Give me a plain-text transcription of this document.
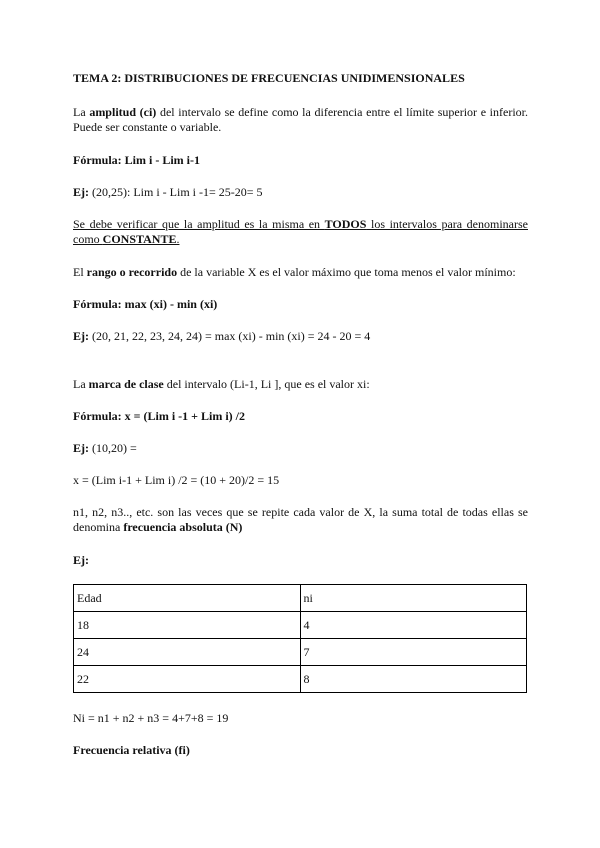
TEMA 2: DISTRIBUCIONES DE FRECUENCIAS UNIDIMENSIONALES
La amplitud (ci) del intervalo se define como la diferencia entre el límite superior e inferior.
Puede ser constante o variable.
Fórmula: Lim i - Lim i-1
Ej: (20,25): Lim i - Lim i -1= 25-20= 5
Se debe verificar que la amplitud es la misma en TODOS los intervalos para denominarse
como CONSTANTE.
El rango o recorrido de la variable X es el valor máximo que toma menos el valor mínimo:
Fórmula: max (xi) - min (xi)
Ej: (20, 21, 22, 23, 24, 24) = max (xi) - min (xi) = 24 - 20 = 4
La marca de clase del intervalo (Li-1, Li ], que es el valor xi:
Fórmula: x = (Lim i -1 + Lim i) /2
Ej: (10,20) =
x = (Lim i-1 + Lim i) /2 = (10 + 20)/2 = 15
n1, n2, n3.., etc. son las veces que se repite cada valor de X, la suma total de todas ellas se
denomina frecuencia absoluta (N)
Ej:
Edad	ni
18	4
24	7
22	8
Ni = n1 + n2 + n3 = 4+7+8 = 19
Frecuencia relativa (fi)
